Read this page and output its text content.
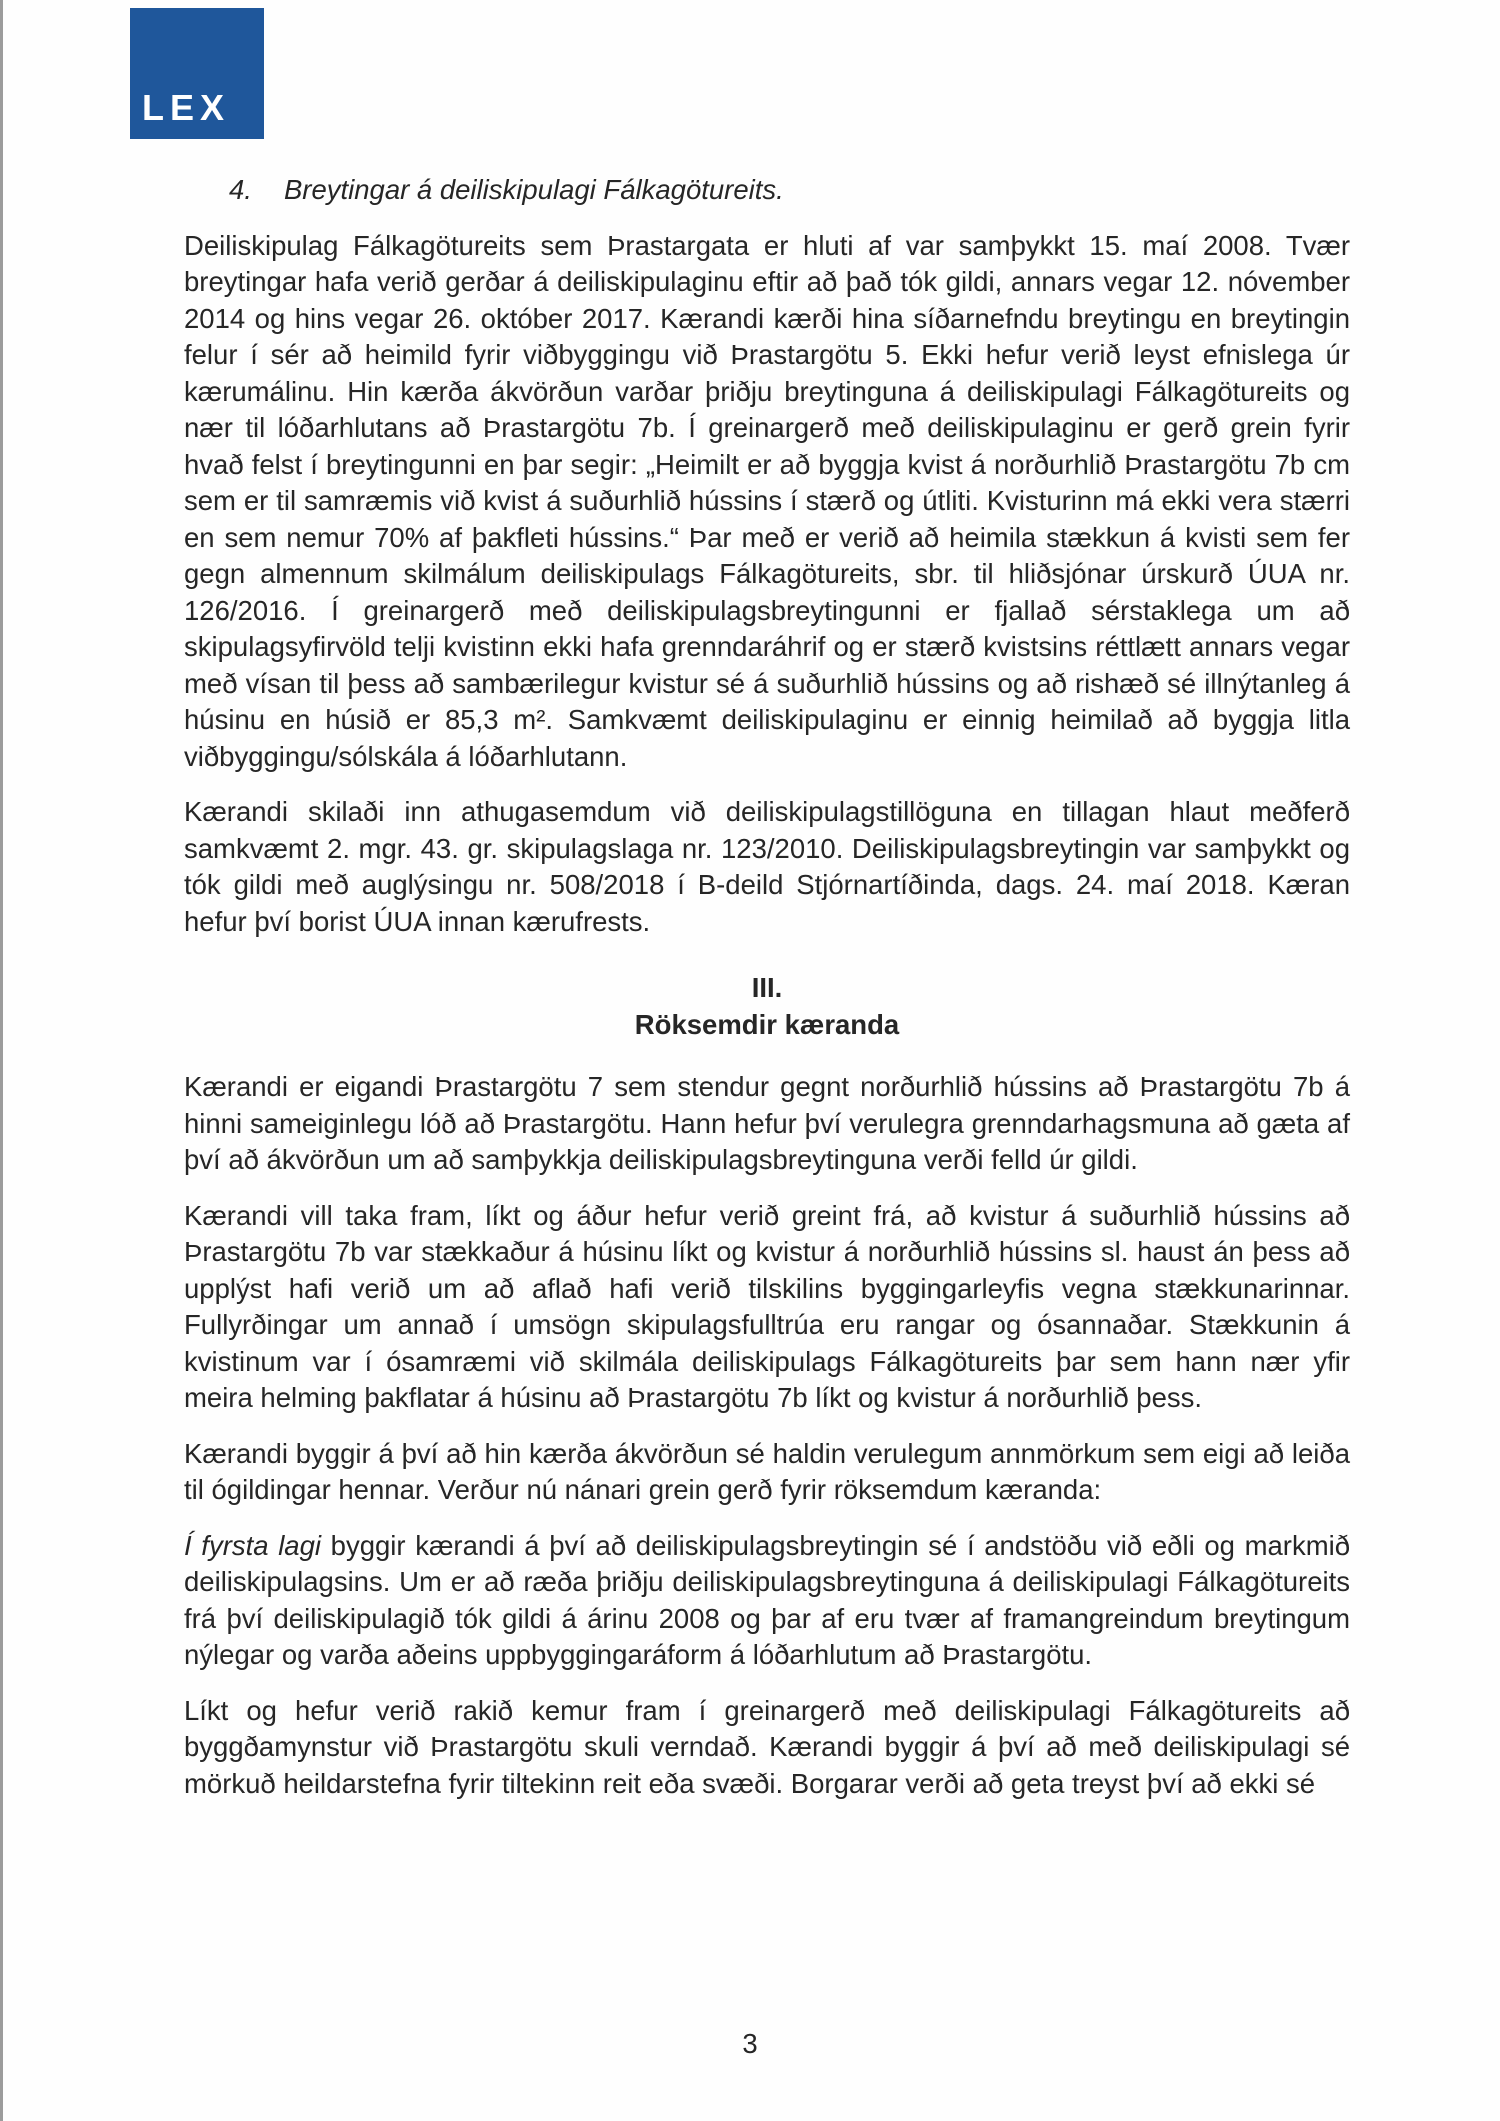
LEX

4. Breytingar á deiliskipulagi Fálkagötureits.

Deiliskipulag Fálkagötureits sem Þrastargata er hluti af var samþykkt 15. maí 2008. Tvær breytingar hafa verið gerðar á deiliskipulaginu eftir að það tók gildi, annars vegar 12. nóvember 2014 og hins vegar 26. október 2017. Kærandi kærði hina síðarnefndu breytingu en breytingin felur í sér að heimild fyrir viðbyggingu við Þrastargötu 5. Ekki hefur verið leyst efnislega úr kærumálinu. Hin kærða ákvörðun varðar þriðju breytinguna á deiliskipulagi Fálkagötureits og nær til lóðarhlutans að Þrastargötu 7b. Í greinargerð með deiliskipulaginu er gerð grein fyrir hvað felst í breytingunni en þar segir: „Heimilt er að byggja kvist á norðurhlið Þrastargötu 7b cm sem er til samræmis við kvist á suðurhlið hússins í stærð og útliti. Kvisturinn má ekki vera stærri en sem nemur 70% af þakfleti hússins.“ Þar með er verið að heimila stækkun á kvisti sem fer gegn almennum skilmálum deiliskipulags Fálkagötureits, sbr. til hliðsjónar úrskurð ÚUA nr. 126/2016. Í greinargerð með deiliskipulagsbreytingunni er fjallað sérstaklega um að skipulagsyfirvöld telji kvistinn ekki hafa grenndaráhrif og er stærð kvistsins réttlætt annars vegar með vísan til þess að sambærilegur kvistur sé á suðurhlið hússins og að rishæð sé illnýtanleg á húsinu en húsið er 85,3 m². Samkvæmt deiliskipulaginu er einnig heimilað að byggja litla viðbyggingu/sólskála á lóðarhlutann.

Kærandi skilaði inn athugasemdum við deiliskipulagstillöguna en tillagan hlaut meðferð samkvæmt 2. mgr. 43. gr. skipulagslaga nr. 123/2010. Deiliskipulagsbreytingin var samþykkt og tók gildi með auglýsingu nr. 508/2018 í B-deild Stjórnartíðinda, dags. 24. maí 2018. Kæran hefur því borist ÚUA innan kærufrests.

III.
Röksemdir kæranda

Kærandi er eigandi Þrastargötu 7 sem stendur gegnt norðurhlið hússins að Þrastargötu 7b á hinni sameiginlegu lóð að Þrastargötu. Hann hefur því verulegra grenndarhagsmuna að gæta af því að ákvörðun um að samþykkja deiliskipulagsbreytinguna verði felld úr gildi.

Kærandi vill taka fram, líkt og áður hefur verið greint frá, að kvistur á suðurhlið hússins að Þrastargötu 7b var stækkaður á húsinu líkt og kvistur á norðurhlið hússins sl. haust án þess að upplýst hafi verið um að aflað hafi verið tilskilins byggingarleyfis vegna stækkunarinnar. Fullyrðingar um annað í umsögn skipulagsfulltrúa eru rangar og ósannaðar. Stækkunin á kvistinum var í ósamræmi við skilmála deiliskipulags Fálkagötureits þar sem hann nær yfir meira helming þakflatar á húsinu að Þrastargötu 7b líkt og kvistur á norðurhlið þess.

Kærandi byggir á því að hin kærða ákvörðun sé haldin verulegum annmörkum sem eigi að leiða til ógildingar hennar. Verður nú nánari grein gerð fyrir röksemdum kæranda:

Í fyrsta lagi byggir kærandi á því að deiliskipulagsbreytingin sé í andstöðu við eðli og markmið deiliskipulagsins. Um er að ræða þriðju deiliskipulagsbreytinguna á deiliskipulagi Fálkagötureits frá því deiliskipulagið tók gildi á árinu 2008 og þar af eru tvær af framangreindum breytingum nýlegar og varða aðeins uppbyggingaráform á lóðarhlutum að Þrastargötu.

Líkt og hefur verið rakið kemur fram í greinargerð með deiliskipulagi Fálkagötureits að byggðamynstur við Þrastargötu skuli verndað. Kærandi byggir á því að með deiliskipulagi sé mörkuð heildarstefna fyrir tiltekinn reit eða svæði. Borgarar verði að geta treyst því að ekki sé

3
